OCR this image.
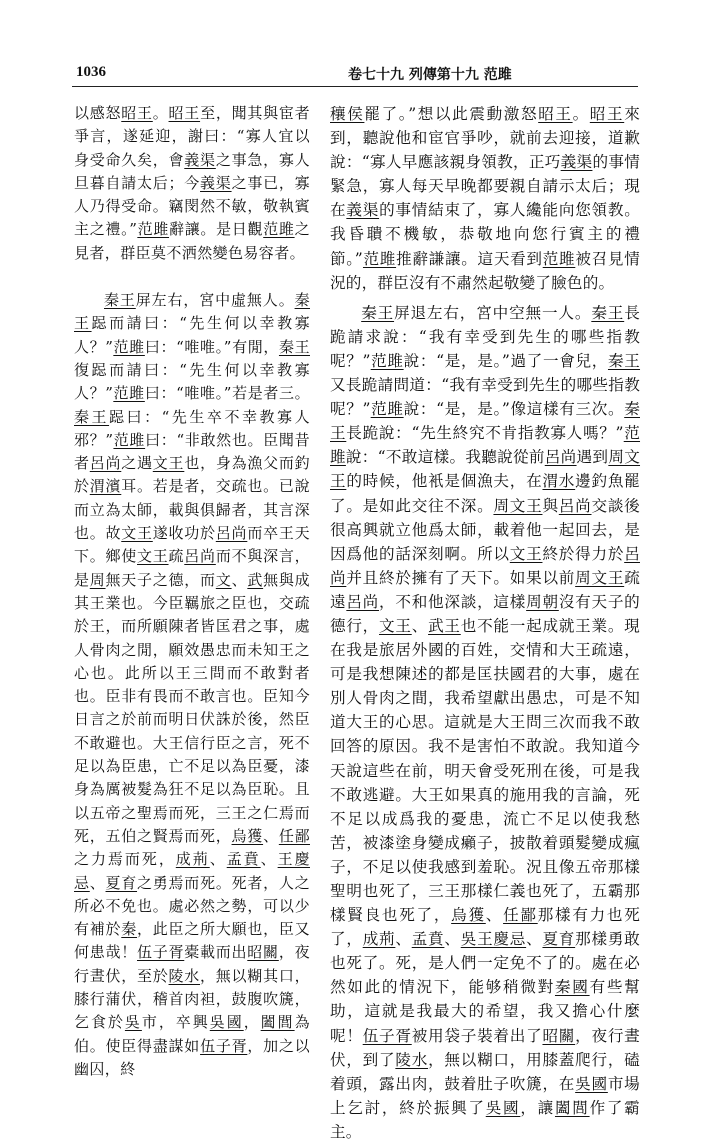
1036	卷七十九 列傳第十九 范雎

以感怒昭王。昭王至，聞其與宦者爭言，遂延迎，謝曰：“寡人宜以身受命久矣，會義渠之事急，寡人旦暮自請太后；今義渠之事已，寡人乃得受命。竊閔然不敏，敬執賓主之禮。”范雎辭讓。是日觀范雎之見者，群臣莫不洒然變色易容者。

秦王屏左右，宮中虛無人。秦王跽而請曰：“先生何以幸教寡人？”范雎曰：“唯唯。”有閒，秦王復跽而請曰：“先生何以幸教寡人？”范雎曰：“唯唯。”若是者三。秦王跽曰：“先生卒不幸教寡人邪？”范雎曰：“非敢然也。臣聞昔者呂尚之遇文王也，身為漁父而釣於渭濱耳。若是者，交疏也。已說而立為太師，載與俱歸者，其言深也。故文王遂收功於呂尚而卒王天下。鄉使文王疏呂尚而不與深言，是周無天子之德，而文、武無與成其王業也。今臣羈旅之臣也，交疏於王，而所願陳者皆匡君之事，處人骨肉之閒，願效愚忠而未知王之心也。此所以王三問而不敢對者也。臣非有畏而不敢言也。臣知今日言之於前而明日伏誅於後，然臣不敢避也。大王信行臣之言，死不足以為臣患，亡不足以為臣憂，漆身為厲被髮為狂不足以為臣恥。且以五帝之聖焉而死，三王之仁焉而死，五伯之賢焉而死，烏獲、任鄙之力焉而死，成荊、孟賁、王慶忌、夏育之勇焉而死。死者，人之所必不免也。處必然之勢，可以少有補於秦，此臣之所大願也，臣又何患哉！伍子胥橐載而出昭關，夜行晝伏，至於陵水，無以糊其口，膝行蒲伏，稽首肉袒，鼓腹吹篪，乞食於吳市，卒興吳國，闔閭為伯。使臣得盡謀如伍子胥，加之以幽囚，終

穰侯罷了。”想以此震動激怒昭王。昭王來到，聽說他和宦官爭吵，就前去迎接，道歉說：“寡人早應該親身領教，正巧義渠的事情緊急，寡人每天早晚都要親自請示太后；現在義渠的事情結束了，寡人纔能向您領教。我昏聵不機敏，恭敬地向您行賓主的禮節。”范雎推辭謙讓。這天看到范雎被召見情況的，群臣沒有不肅然起敬變了臉色的。

秦王屏退左右，宮中空無一人。秦王長跪請求說：“我有幸受到先生的哪些指教呢？”范雎說：“是，是。”過了一會兒，秦王又長跪請問道：“我有幸受到先生的哪些指教呢？”范雎說：“是，是。”像這樣有三次。秦王長跪說：“先生終究不肯指教寡人嗎？”范雎說：“不敢這樣。我聽說從前呂尚遇到周文王的時候，他衹是個漁夫，在渭水邊釣魚罷了。是如此交往不深。周文王與呂尚交談後很高興就立他爲太師，載着他一起回去，是因爲他的話深刻啊。所以文王終於得力於呂尚并且終於擁有了天下。如果以前周文王疏遠呂尚，不和他深談，這樣周朝沒有天子的德行，文王、武王也不能一起成就王業。現在我是旅居外國的百姓，交情和大王疏遠，可是我想陳述的都是匡扶國君的大事，處在別人骨肉之間，我希望獻出愚忠，可是不知道大王的心思。這就是大王問三次而我不敢回答的原因。我不是害怕不敢說。我知道今天說這些在前，明天會受死刑在後，可是我不敢逃避。大王如果真的施用我的言論，死不足以成爲我的憂患，流亡不足以使我愁苦，被漆塗身變成癩子，披散着頭髮變成瘋子，不足以使我感到羞恥。況且像五帝那樣聖明也死了，三王那樣仁義也死了，五霸那樣賢良也死了，烏獲、任鄙那樣有力也死了，成荊、孟賁、吳王慶忌、夏育那樣勇敢也死了。死，是人們一定免不了的。處在必然如此的情況下，能够稍微對秦國有些幫助，這就是我最大的希望，我又擔心什麼呢！伍子胥被用袋子裝着出了昭關，夜行晝伏，到了陵水，無以糊口，用膝蓋爬行，磕着頭，露出肉，鼓着肚子吹篪，在吳國市場上乞討，終於振興了吳國，讓闔閭作了霸主。
